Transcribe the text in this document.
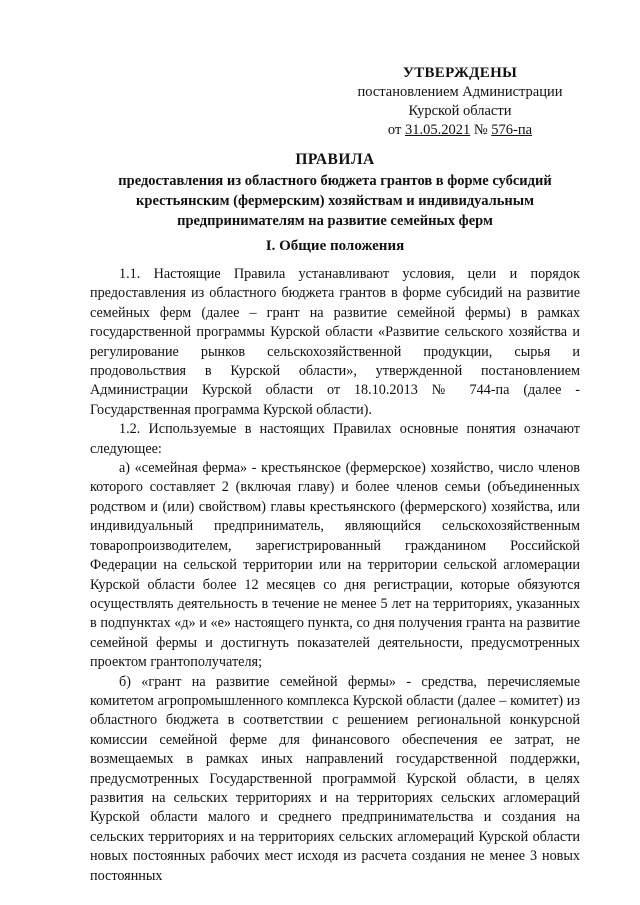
УТВЕРЖДЕНЫ
постановлением Администрации
Курской области
от 31.05.2021 № 576-па
ПРАВИЛА
предоставления из областного бюджета грантов в форме субсидий крестьянским (фермерским) хозяйствам и индивидуальным предпринимателям на развитие семейных ферм
I. Общие положения

1.1. Настоящие Правила устанавливают условия, цели и порядок предоставления из областного бюджета грантов в форме субсидий на развитие семейных ферм (далее – грант на развитие семейной фермы) в рамках государственной программы Курской области «Развитие сельского хозяйства и регулирование рынков сельскохозяйственной продукции, сырья и продовольствия в Курской области», утвержденной постановлением Администрации Курской области от 18.10.2013 № 744-па (далее - Государственная программа Курской области).

1.2. Используемые в настоящих Правилах основные понятия означают следующее:

а) «семейная ферма» - крестьянское (фермерское) хозяйство, число членов которого составляет 2 (включая главу) и более членов семьи (объединенных родством и (или) свойством) главы крестьянского (фермерского) хозяйства, или индивидуальный предприниматель, являющийся сельскохозяйственным товаропроизводителем, зарегистрированный гражданином Российской Федерации на сельской территории или на территории сельской агломерации Курской области более 12 месяцев со дня регистрации, которые обязуются осуществлять деятельность в течение не менее 5 лет на территориях, указанных в подпунктах «д» и «е» настоящего пункта, со дня получения гранта на развитие семейной фермы и достигнуть показателей деятельности, предусмотренных проектом грантополучателя;

б) «грант на развитие семейной фермы» - средства, перечисляемые комитетом агропромышленного комплекса Курской области (далее – комитет) из областного бюджета в соответствии с решением региональной конкурсной комиссии семейной ферме для финансового обеспечения ее затрат, не возмещаемых в рамках иных направлений государственной поддержки, предусмотренных Государственной программой Курской области, в целях развития на сельских территориях и на территориях сельских агломераций Курской области малого и среднего предпринимательства и создания на сельских территориях и на территориях сельских агломераций Курской области новых постоянных рабочих мест исходя из расчета создания не менее 3 новых постоянных
